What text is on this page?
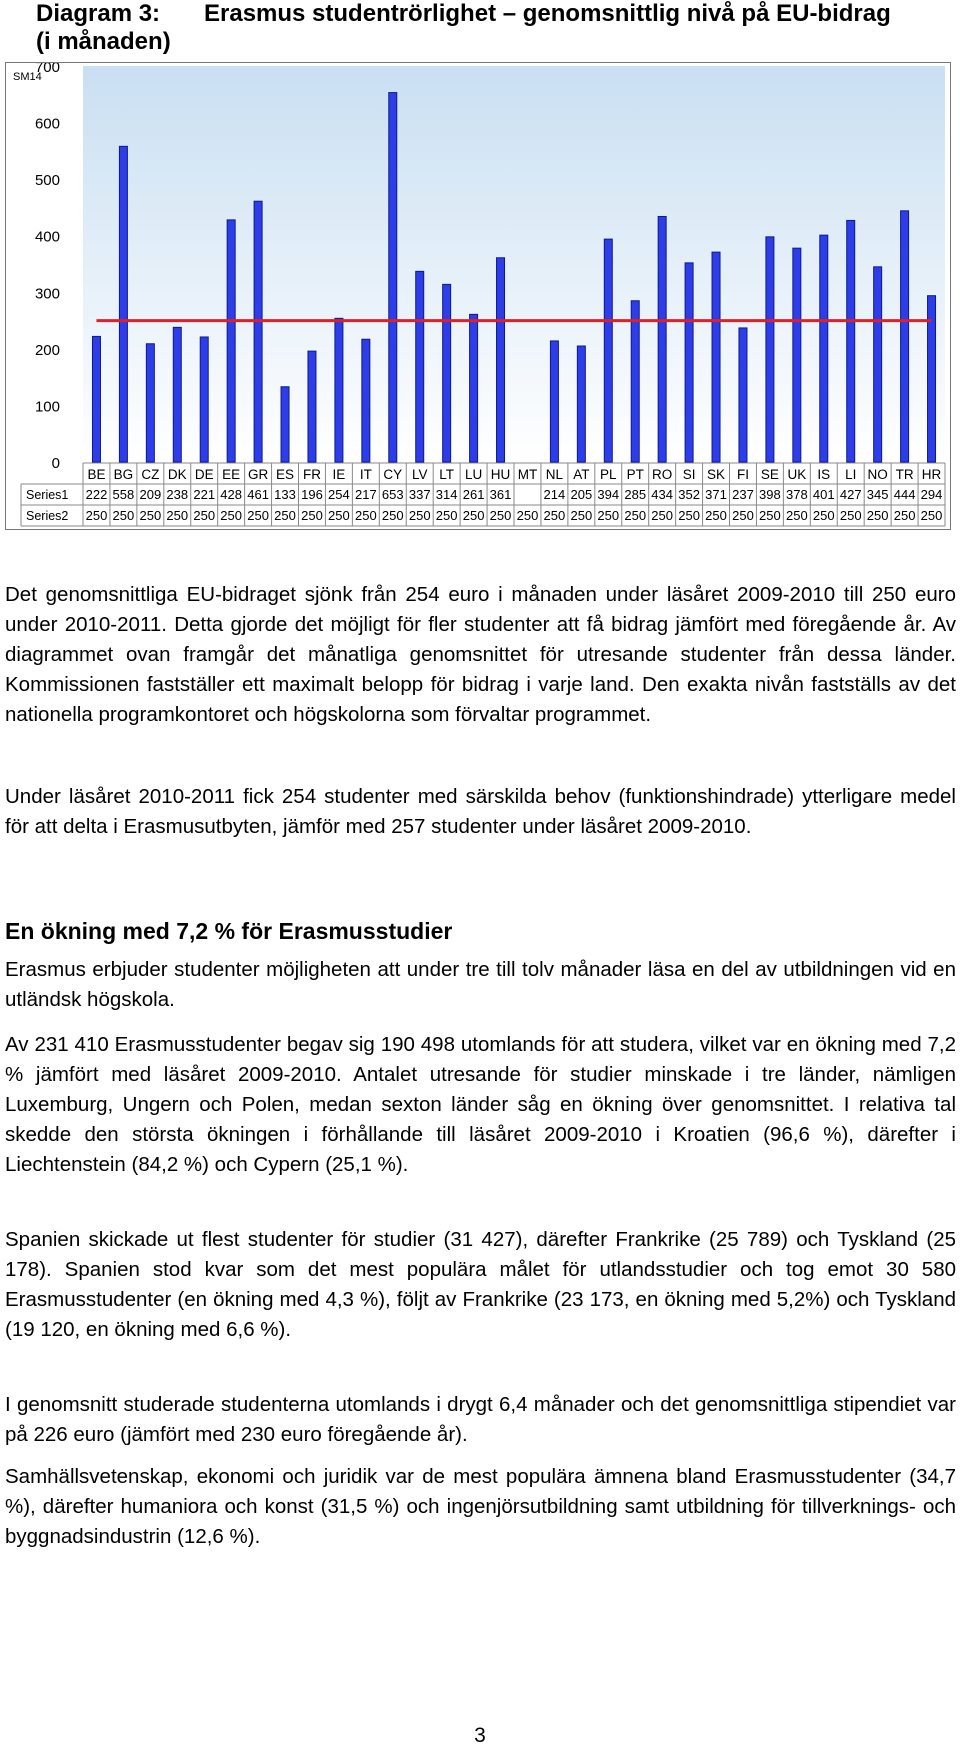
Diagram 3: Erasmus studentrörlighet – genomsnittlig nivå på EU-bidrag (i månaden)
SM14
0
100
200
300
400
500
600
700
BE BG CZ DK DE EE GR ES FR IE IT CY LV LT LU HU MT NL AT PL PT RO SI SK FI SE UK IS LI NO TR HR
Series1 222 558 209 238 221 428 461 133 196 254 217 653 337 314 261 361 214 205 394 285 434 352 371 237 398 378 401 427 345 444 294
Series2 250 250 250 250 250 250 250 250 250 250 250 250 250 250 250 250 250 250 250 250 250 250 250 250 250 250 250 250 250 250 250 250
Det genomsnittliga EU-bidraget sjönk från 254 euro i månaden under läsåret 2009-2010 till 250 euro under 2010-2011. Detta gjorde det möjligt för fler studenter att få bidrag jämfört med föregående år. Av diagrammet ovan framgår det månatliga genomsnittet för utresande studenter från dessa länder. Kommissionen fastställer ett maximalt belopp för bidrag i varje land. Den exakta nivån fastställs av det nationella programkontoret och högskolorna som förvaltar programmet.
Under läsåret 2010-2011 fick 254 studenter med särskilda behov (funktionshindrade) ytterligare medel för att delta i Erasmusutbyten, jämför med 257 studenter under läsåret 2009-2010.
En ökning med 7,2 % för Erasmusstudier
Erasmus erbjuder studenter möjligheten att under tre till tolv månader läsa en del av utbildningen vid en utländsk högskola.
Av 231 410 Erasmusstudenter begav sig 190 498 utomlands för att studera, vilket var en ökning med 7,2 % jämfört med läsåret 2009-2010. Antalet utresande för studier minskade i tre länder, nämligen Luxemburg, Ungern och Polen, medan sexton länder såg en ökning över genomsnittet. I relativa tal skedde den största ökningen i förhållande till läsåret 2009-2010 i Kroatien (96,6 %), därefter i Liechtenstein (84,2 %) och Cypern (25,1 %).
Spanien skickade ut flest studenter för studier (31 427), därefter Frankrike (25 789) och Tyskland (25 178). Spanien stod kvar som det mest populära målet för utlandsstudier och tog emot 30 580 Erasmusstudenter (en ökning med 4,3 %), följt av Frankrike (23 173, en ökning med 5,2%) och Tyskland (19 120, en ökning med 6,6 %).
I genomsnitt studerade studenterna utomlands i drygt 6,4 månader och det genomsnittliga stipendiet var på 226 euro (jämfört med 230 euro föregående år).
Samhällsvetenskap, ekonomi och juridik var de mest populära ämnena bland Erasmusstudenter (34,7 %), därefter humaniora och konst (31,5 %) och ingenjörsutbildning samt utbildning för tillverknings- och byggnadsindustrin (12,6 %).
3
